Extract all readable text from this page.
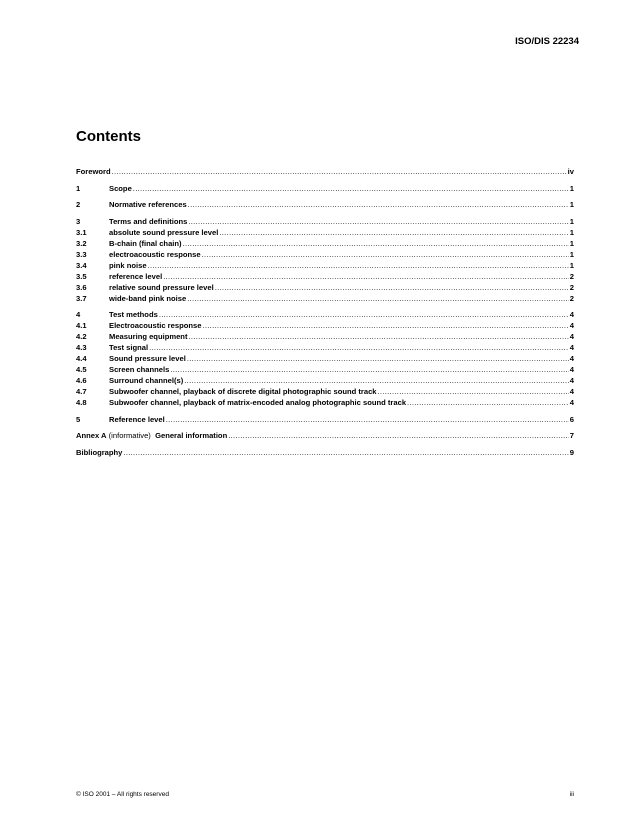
ISO/DIS 22234
Contents
Foreword .....	iv
1	Scope .....	1
2	Normative references .....	1
3	Terms and definitions .....	1
3.1	absolute sound pressure level .....	1
3.2	B-chain (final chain) .....	1
3.3	electroacoustic response .....	1
3.4	pink noise .....	1
3.5	reference level .....	2
3.6	relative sound pressure level .....	2
3.7	wide-band pink noise .....	2
4	Test methods .....	4
4.1	Electroacoustic response .....	4
4.2	Measuring equipment .....	4
4.3	Test signal .....	4
4.4	Sound pressure level .....	4
4.5	Screen channels .....	4
4.6	Surround channel(s) .....	4
4.7	Subwoofer channel, playback of discrete digital photographic sound track .....	4
4.8	Subwoofer channel, playback of matrix-encoded analog photographic sound track .....	4
5	Reference level .....	6
Annex A (informative)  General information .....	7
Bibliography .....	9
© ISO 2001 – All rights reserved	iii
